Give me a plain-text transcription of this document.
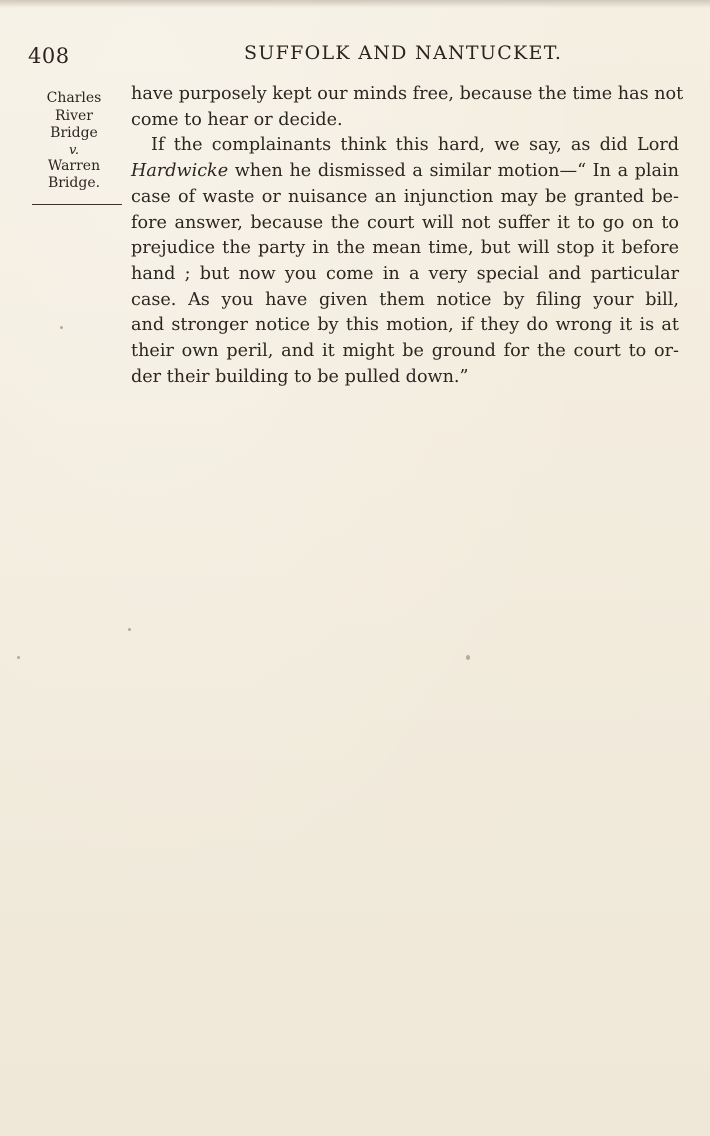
408	SUFFOLK AND NANTUCKET.
Charles
River
Bridge
v.
Warren
Bridge.
have purposely kept our minds free, because the time has not
come to hear or decide.
If the complainants think this hard, we say, as did Lord
Hardwicke when he dismissed a similar motion—“ In a plain
case of waste or nuisance an injunction may be granted be-
fore answer, because the court will not suffer it to go on to
prejudice the party in the mean time, but will stop it before
hand ; but now you come in a very special and particular
case. As you have given them notice by filing your bill,
and stronger notice by this motion, if they do wrong it is at
their own peril, and it might be ground for the court to or-
der their building to be pulled down.”
